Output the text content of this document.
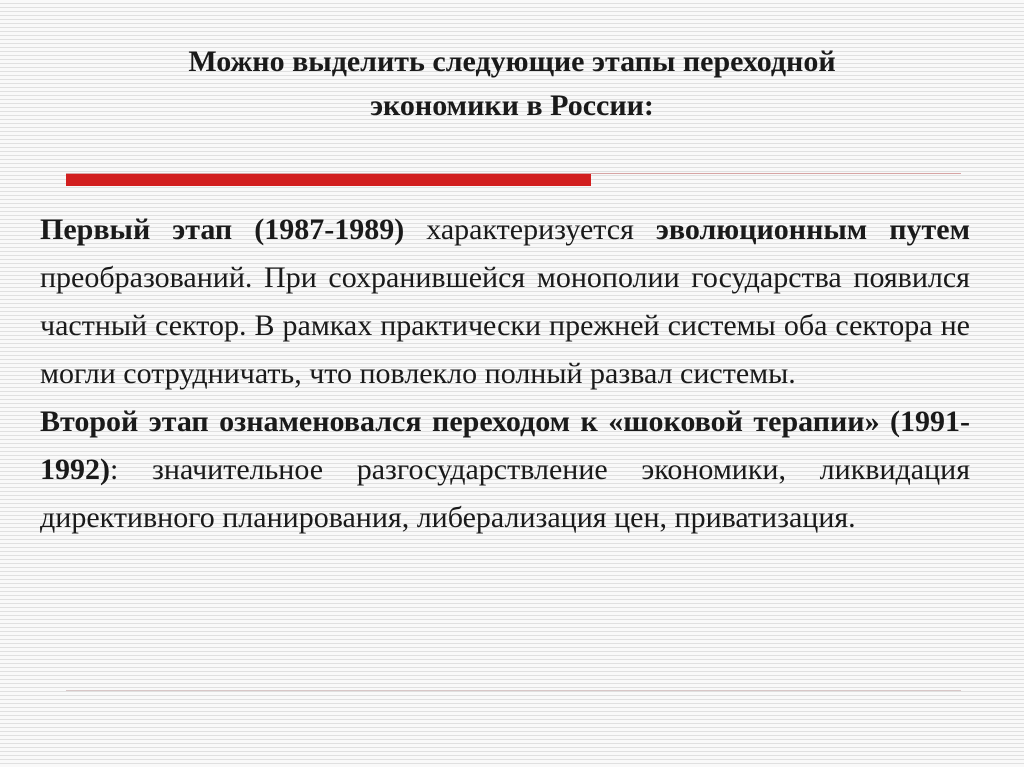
Можно выделить следующие этапы переходной
экономики в России:

Первый этап (1987-1989) характеризуется эволюционным путем преобразований. При сохранившейся монополии государства появился частный сектор. В рамках практически прежней системы оба сектора не могли сотрудничать, что повлекло полный развал системы.

Второй этап ознаменовался переходом к «шоковой терапии» (1991-1992): значительное разгосударствление экономики, ликвидация директивного планирования, либерализация цен, приватизация.
